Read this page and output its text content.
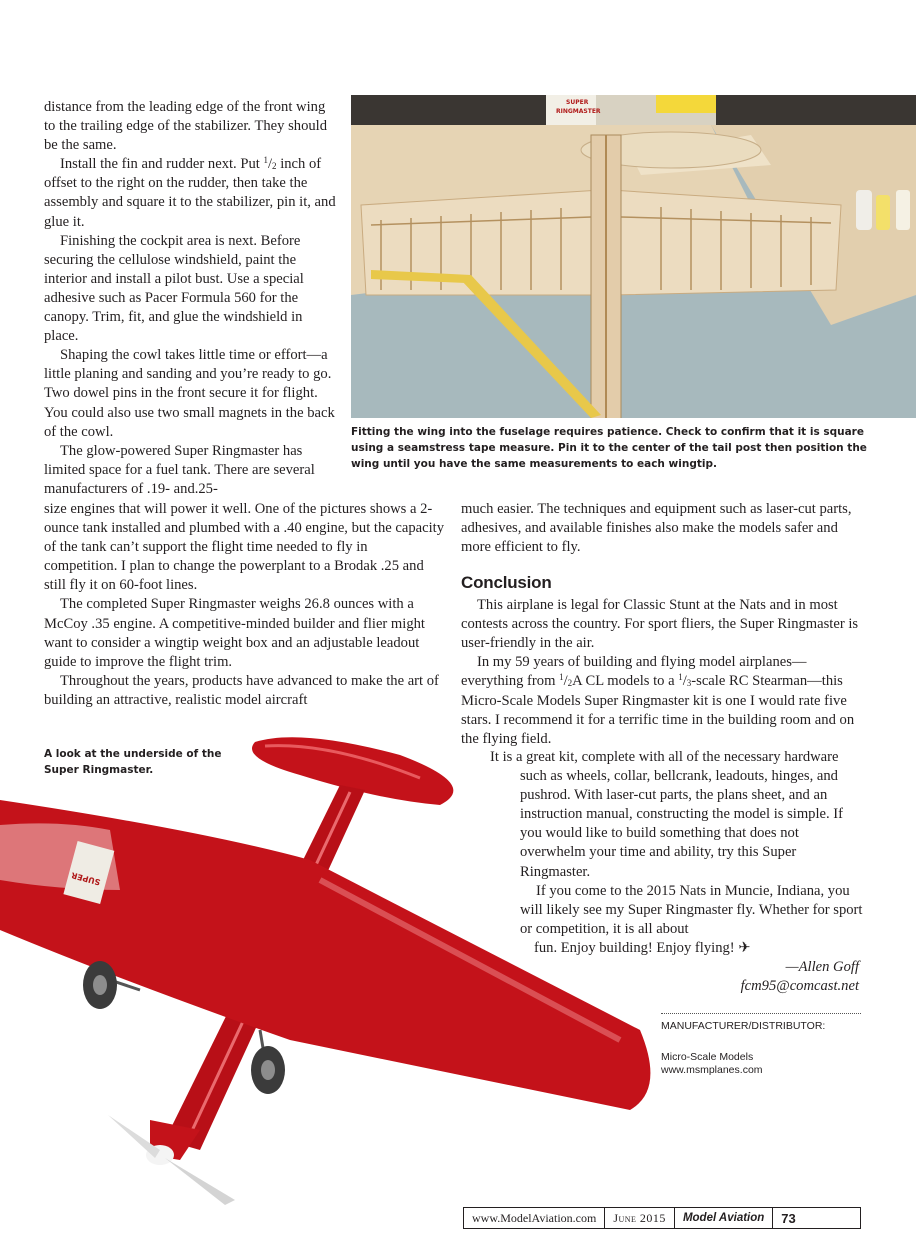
distance from the leading edge of the front wing to the trailing edge of the stabilizer. They should be the same.

Install the fin and rudder next. Put $^1/_2$ inch of offset to the right on the rudder, then take the assembly and square it to the stabilizer, pin it, and glue it.

Finishing the cockpit area is next. Before securing the cellulose windshield, paint the interior and install a pilot bust. Use a special adhesive such as Pacer Formula 560 for the canopy. Trim, fit, and glue the windshield in place.

Shaping the cowl takes little time or effort—a little planing and sanding and you’re ready to go. Two dowel pins in the front secure it for flight. You could also use two small magnets in the back of the cowl.

The glow-powered Super Ringmaster has limited space for a fuel tank. There are several manufacturers of .19- and.25-

SUPER
RINGMASTER
Fitting the wing into the fuselage requires patience. Check to confirm that it is square using a seamstress tape measure. Pin it to the center of the tail post then position the wing until you have the same measurements to each wingtip.

size engines that will power it well. One of the pictures shows a 2-ounce tank installed and plumbed with a .40 engine, but the capacity of the tank can’t support the flight time needed to fly in competition. I plan to change the powerplant to a Brodak .25 and still fly it on 60-foot lines.

The completed Super Ringmaster weighs 26.8 ounces with a McCoy .35 engine. A competitive-minded builder and flier might want to consider a wingtip weight box and an adjustable leadout guide to improve the flight trim.

Throughout the years, products have advanced to make the art of building an attractive, realistic model aircraft

much easier. The techniques and equipment such as laser-cut parts, adhesives, and available finishes also make the models safer and more efficient to fly.

Conclusion

This airplane is legal for Classic Stunt at the Nats and in most contests across the country. For sport fliers, the Super Ringmaster is user-friendly in the air.

In my 59 years of building and flying model airplanes—everything from $^1/_2A$ CL models to a $^1/_3$-scale RC Stearman—this Micro-Scale Models Super Ringmaster kit is one I would rate five stars. I recommend it for a terrific time in the building room and on the flying field.

It is a great kit, complete with all of the necessary hardware such as wheels, collar, bellcrank, leadouts, hinges, and pushrod. With laser-cut parts, the plans sheet, and an instruction manual, constructing the model is simple. If you would like to build something that does not overwhelm your time and ability, try this Super Ringmaster.

If you come to the 2015 Nats in Muncie, Indiana, you will likely see my Super Ringmaster fly. Whether for sport or competition, it is all about
fun. Enjoy building! Enjoy flying! ✈

—Allen Goff
fcm95@comcast.net
A look at the underside of the Super Ringmaster.
SUPER
MANUFACTURER/DISTRIBUTOR:
Micro-Scale Models
www.msmplanes.com
www.ModelAviation.com	June 2015	Model Aviation	73
